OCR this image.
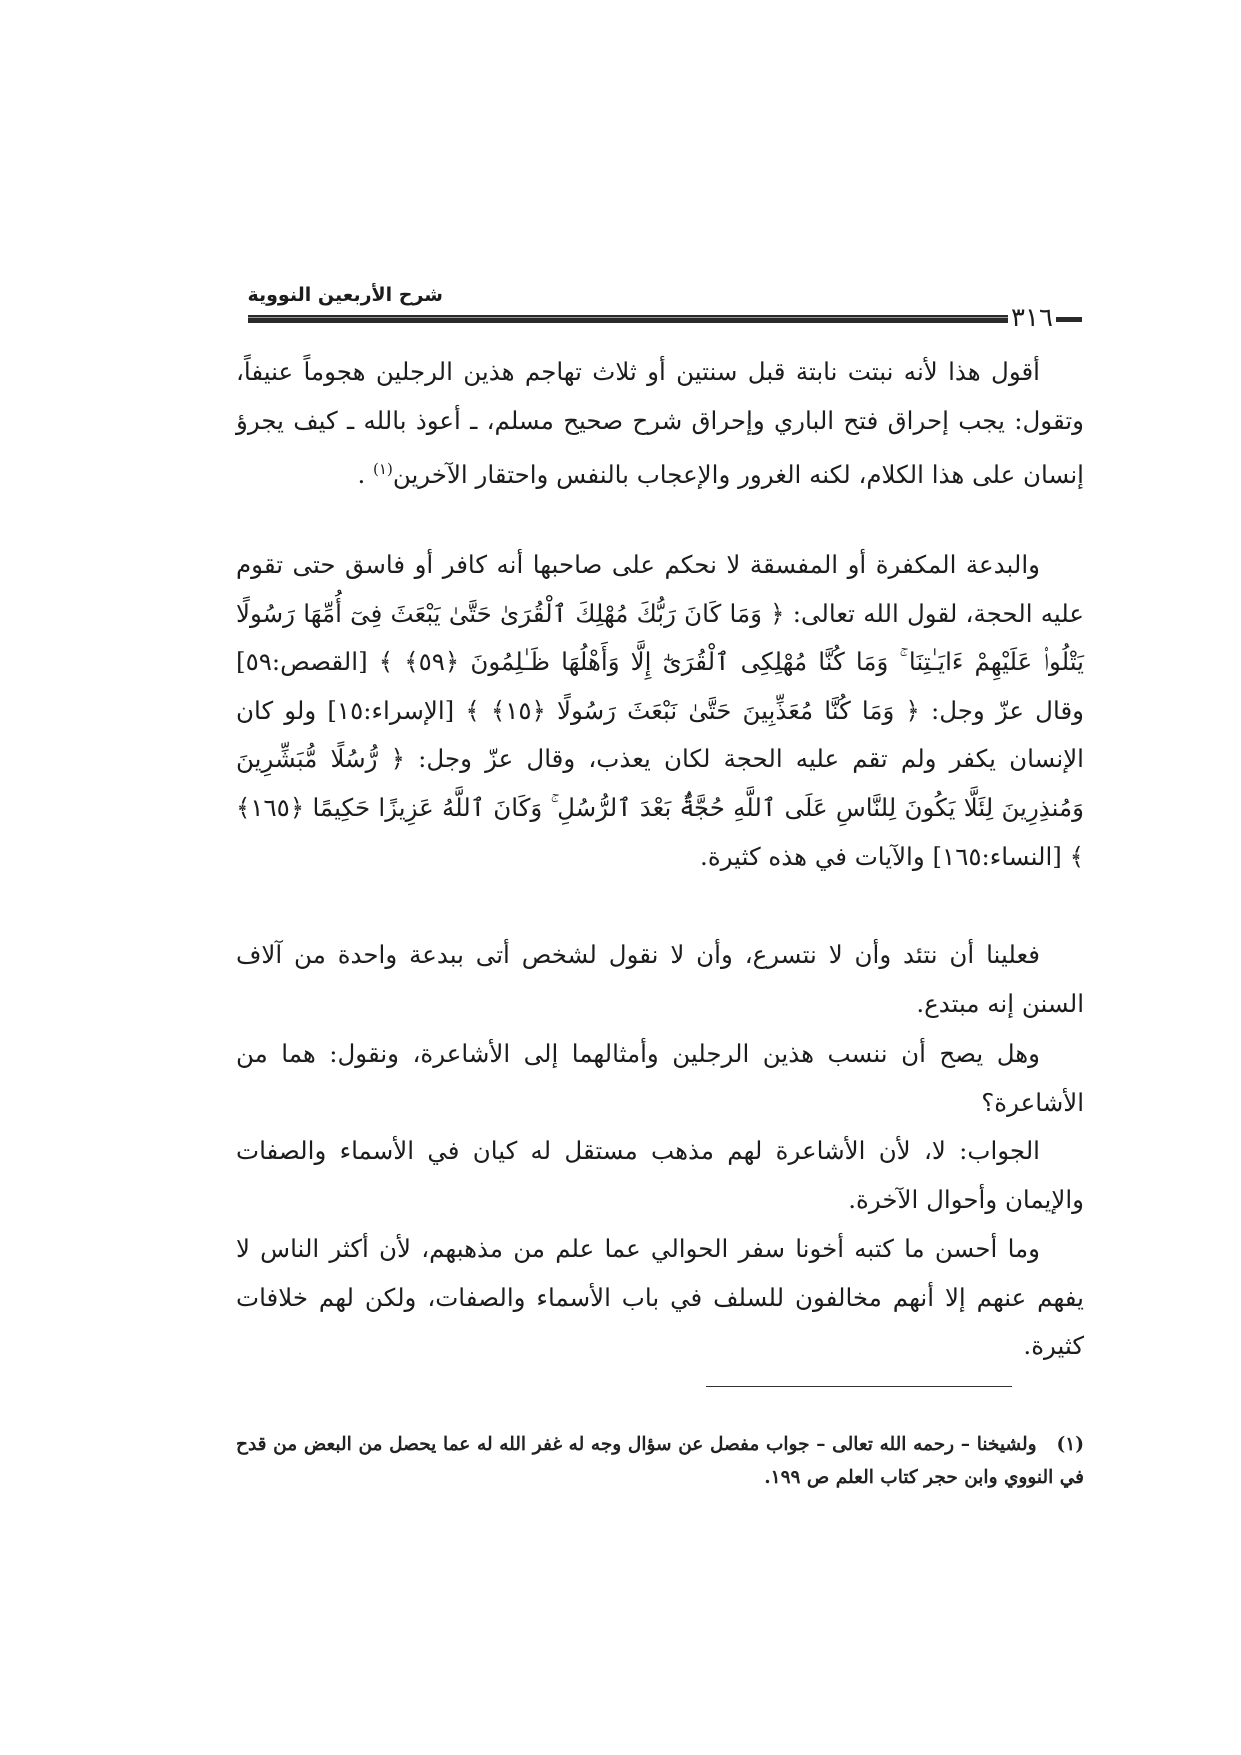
شرح الأربعين النووية
٣١٦

أقول هذا لأنه نبتت نابتة قبل سنتين أو ثلاث تهاجم هذين الرجلين هجوماً عنيفاً، وتقول: يجب إحراق فتح الباري وإحراق شرح صحيح مسلم، ـ أعوذ بالله ـ كيف يجرؤ إنسان على هذا الكلام، لكنه الغرور والإعجاب بالنفس واحتقار الآخرين$^{(١)}$ .

والبدعة المكفرة أو المفسقة لا نحكم على صاحبها أنه كافر أو فاسق حتى تقوم عليه الحجة، لقول الله تعالى: ﴿ وَمَا كَانَ رَبُّكَ مُهْلِكَ ٱلْقُرَىٰ حَتَّىٰ يَبْعَثَ فِىٓ أُمِّهَا رَسُولًا يَتْلُوا۟ عَلَيْهِمْ ءَايَـٰتِنَا ۚ وَمَا كُنَّا مُهْلِكِى ٱلْقُرَىٰٓ إِلَّا وَأَهْلُهَا ظَـٰلِمُونَ ﴿٥٩﴾ ﴾ [القصص:٥٩] وقال عزّ وجل: ﴿ وَمَا كُنَّا مُعَذِّبِينَ حَتَّىٰ نَبْعَثَ رَسُولًا ﴿١٥﴾ ﴾ [الإسراء:١٥] ولو كان الإنسان يكفر ولم تقم عليه الحجة لكان يعذب، وقال عزّ وجل: ﴿ رُّسُلًا مُّبَشِّرِينَ وَمُنذِرِينَ لِئَلَّا يَكُونَ لِلنَّاسِ عَلَى ٱللَّهِ حُجَّةٌۢ بَعْدَ ٱلرُّسُلِ ۚ وَكَانَ ٱللَّهُ عَزِيزًا حَكِيمًا ﴿١٦٥﴾ ﴾ [النساء:١٦٥] والآيات في هذه كثيرة.

فعلينا أن نتئد وأن لا نتسرع، وأن لا نقول لشخص أتى ببدعة واحدة من آلاف السنن إنه مبتدع.

وهل يصح أن ننسب هذين الرجلين وأمثالهما إلى الأشاعرة، ونقول: هما من الأشاعرة؟

الجواب: لا، لأن الأشاعرة لهم مذهب مستقل له كيان في الأسماء والصفات والإيمان وأحوال الآخرة.

وما أحسن ما كتبه أخونا سفر الحوالي عما علم من مذهبهم، لأن أكثر الناس لا يفهم عنهم إلا أنهم مخالفون للسلف في باب الأسماء والصفات، ولكن لهم خلافات كثيرة.

(١)ولشيخنا – رحمه الله تعالى – جواب مفصل عن سؤال وجه له غفر الله له عما يحصل من البعض من قدح في النووي وابن حجر كتاب العلم ص ١٩٩.
